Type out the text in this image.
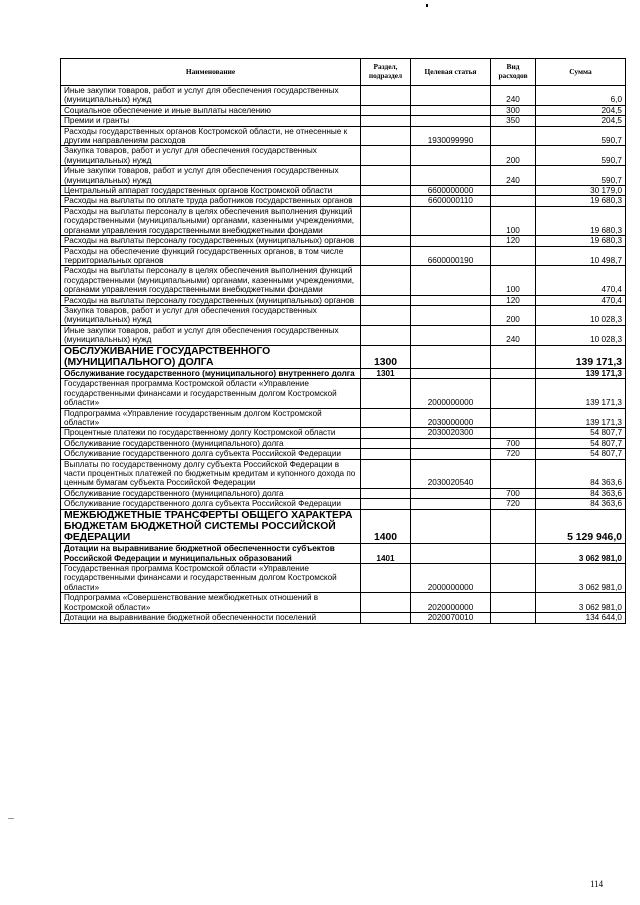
Наименование	Раздел, подраздел	Целевая статья	Вид расходов	Сумма
Иные закупки товаров, работ и услуг для обеспечения государственных (муниципальных) нужд			240	6,0
Социальное обеспечение и иные выплаты населению			300	204,5
Премии и гранты			350	204,5
Расходы государственных органов Костромской области, не отнесенные к другим направлениям расходов		1930099990		590,7
Закупка товаров, работ и услуг для обеспечения государственных (муниципальных) нужд			200	590,7
Иные закупки товаров, работ и услуг для обеспечения государственных (муниципальных) нужд			240	590,7
Центральный аппарат государственных органов Костромской области		6600000000		30 179,0
Расходы на выплаты по оплате труда работников государственных органов		6600000110		19 680,3
Расходы на выплаты персоналу в целях обеспечения выполнения функций государственными (муниципальными) органами, казенными учреждениями, органами управления государственными внебюджетными фондами			100	19 680,3
Расходы на выплаты персоналу государственных (муниципальных) органов			120	19 680,3
Расходы на обеспечение функций государственных органов, в том числе территориальных органов		6600000190		10 498,7
Расходы на выплаты персоналу в целях обеспечения выполнения функций государственными (муниципальными) органами, казенными учреждениями, органами управления государственными внебюджетными фондами			100	470,4
Расходы на выплаты персоналу государственных (муниципальных) органов			120	470,4
Закупка товаров, работ и услуг для обеспечения государственных (муниципальных) нужд			200	10 028,3
Иные закупки товаров, работ и услуг для обеспечения государственных (муниципальных) нужд			240	10 028,3
ОБСЛУЖИВАНИЕ ГОСУДАРСТВЕННОГО (МУНИЦИПАЛЬНОГО) ДОЛГА	1300			139 171,3
Обслуживание государственного (муниципального) внутреннего долга	1301			139 171,3
Государственная программа Костромской области «Управление государственными финансами и государственным долгом Костромской области»		2000000000		139 171,3
Подпрограмма «Управление государственным долгом Костромской области»		2030000000		139 171,3
Процентные платежи по государственному долгу Костромской области		2030020300		54 807,7
Обслуживание государственного (муниципального) долга			700	54 807,7
Обслуживание государственного долга субъекта Российской Федерации			720	54 807,7
Выплаты по государственному долгу субъекта Российской Федерации в части процентных платежей по бюджетным кредитам и купонного дохода по ценным бумагам субъекта Российской Федерации		2030020540		84 363,6
Обслуживание государственного (муниципального) долга			700	84 363,6
Обслуживание государственного долга субъекта Российской Федерации			720	84 363,6
МЕЖБЮДЖЕТНЫЕ ТРАНСФЕРТЫ ОБЩЕГО ХАРАКТЕРА БЮДЖЕТАМ БЮДЖЕТНОЙ СИСТЕМЫ РОССИЙСКОЙ ФЕДЕРАЦИИ	1400			5 129 946,0
Дотации на выравнивание бюджетной обеспеченности субъектов Российской Федерации и муниципальных образований	1401			3 062 981,0
Государственная программа Костромской области «Управление государственными финансами и государственным долгом Костромской области»		2000000000		3 062 981,0
Подпрограмма «Совершенствование межбюджетных отношений в Костромской области»		2020000000		3 062 981,0
Дотации на выравнивание бюджетной обеспеченности поселений		2020070010		134 644,0
114
